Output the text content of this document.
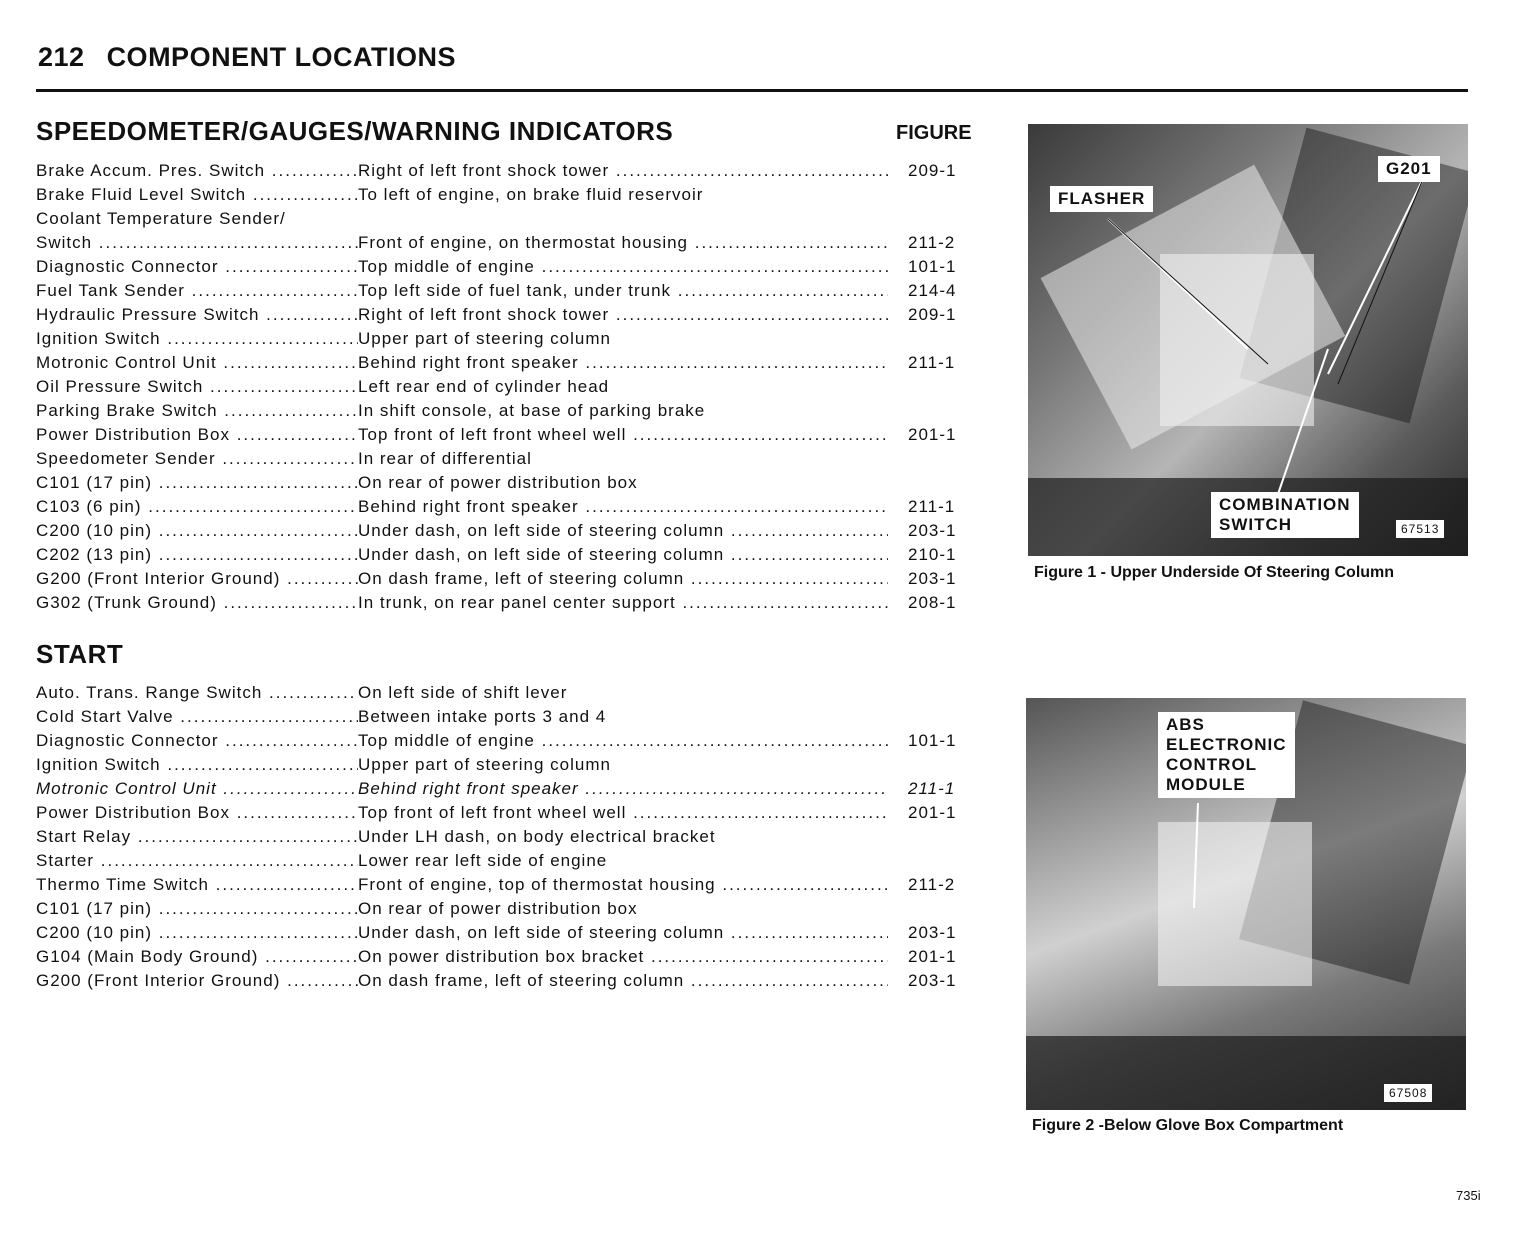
212 COMPONENT LOCATIONS
SPEEDOMETER/GAUGES/WARNING INDICATORS	FIGURE
Brake Accum. Pres. Switch .....	Right of left front shock tower .....	209-1
Brake Fluid Level Switch .....	To left of engine, on brake fluid reservoir
Coolant Temperature Sender/
Switch .....	Front of engine, on thermostat housing .....	211-2
Diagnostic Connector .....	Top middle of engine .....	101-1
Fuel Tank Sender .....	Top left side of fuel tank, under trunk .....	214-4
Hydraulic Pressure Switch .....	Right of left front shock tower .....	209-1
Ignition Switch .....	Upper part of steering column
Motronic Control Unit .....	Behind right front speaker .....	211-1
Oil Pressure Switch .....	Left rear end of cylinder head
Parking Brake Switch .....	In shift console, at base of parking brake
Power Distribution Box .....	Top front of left front wheel well .....	201-1
Speedometer Sender .....	In rear of differential
C101 (17 pin) .....	On rear of power distribution box
C103 (6 pin) .....	Behind right front speaker .....	211-1
C200 (10 pin) .....	Under dash, on left side of steering column .....	203-1
C202 (13 pin) .....	Under dash, on left side of steering column .....	210-1
G200 (Front Interior Ground) .....	On dash frame, left of steering column .....	203-1
G302 (Trunk Ground) .....	In trunk, on rear panel center support .....	208-1
START
Auto. Trans. Range Switch .....	On left side of shift lever
Cold Start Valve .....	Between intake ports 3 and 4
Diagnostic Connector .....	Top middle of engine .....	101-1
Ignition Switch .....	Upper part of steering column
Motronic Control Unit .....	Behind right front speaker .....	211-1
Power Distribution Box .....	Top front of left front wheel well .....	201-1
Start Relay .....	Under LH dash, on body electrical bracket
Starter .....	Lower rear left side of engine
Thermo Time Switch .....	Front of engine, top of thermostat housing .....	211-2
C101 (17 pin) .....	On rear of power distribution box
C200 (10 pin) .....	Under dash, on left side of steering column .....	203-1
G104 (Main Body Ground) .....	On power distribution box bracket .....	201-1
G200 (Front Interior Ground) .....	On dash frame, left of steering column .....	203-1
FLASHER
G201
COMBINATION
SWITCH	67513
Figure 1 - Upper Underside Of Steering Column
ABS
ELECTRONIC
CONTROL
MODULE
67508
Figure 2 -Below Glove Box Compartment
735i
